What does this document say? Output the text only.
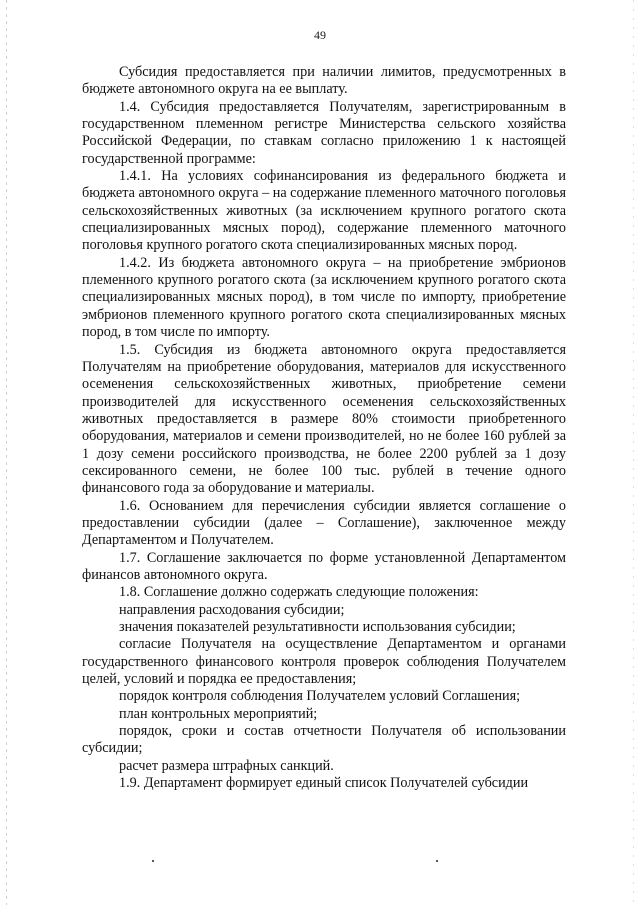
49

Субсидия предоставляется при наличии лимитов, предусмотренных в бюджете автономного округа на ее выплату.

1.4. Субсидия предоставляется Получателям, зарегистрированным в государственном племенном регистре Министерства сельского хозяйства Российской Федерации, по ставкам согласно приложению 1 к настоящей государственной программе:

1.4.1. На условиях софинансирования из федерального бюджета и бюджета автономного округа – на содержание племенного маточного поголовья сельскохозяйственных животных (за исключением крупного рогатого скота специализированных мясных пород), содержание племенного маточного поголовья крупного рогатого скота специализированных мясных пород.

1.4.2. Из бюджета автономного округа – на приобретение эмбрионов племенного крупного рогатого скота (за исключением крупного рогатого скота специализированных мясных пород), в том числе по импорту, приобретение эмбрионов племенного крупного рогатого скота специализированных мясных пород, в том числе по импорту.

1.5. Субсидия из бюджета автономного округа предоставляется Получателям на приобретение оборудования, материалов для искусственного осеменения сельскохозяйственных животных, приобретение семени производителей для искусственного осеменения сельскохозяйственных животных предоставляется в размере 80% стоимости приобретенного оборудования, материалов и семени производителей, но не более 160 рублей за 1 дозу семени российского производства, не более 2200 рублей за 1 дозу сексированного семени, не более 100 тыс. рублей в течение одного финансового года за оборудование и материалы.

1.6. Основанием для перечисления субсидии является соглашение о предоставлении субсидии (далее – Соглашение), заключенное между Департаментом и Получателем.

1.7. Соглашение заключается по форме установленной Департаментом финансов автономного округа.

1.8. Соглашение должно содержать следующие положения:

направления расходования субсидии;

значения показателей результативности использования субсидии;

согласие Получателя на осуществление Департаментом и органами государственного финансового контроля проверок соблюдения Получателем целей, условий и порядка ее предоставления;

порядок контроля соблюдения Получателем условий Соглашения;

план контрольных мероприятий;

порядок, сроки и состав отчетности Получателя об использовании субсидии;

расчет размера штрафных санкций.

1.9. Департамент формирует единый список Получателей субсидии
